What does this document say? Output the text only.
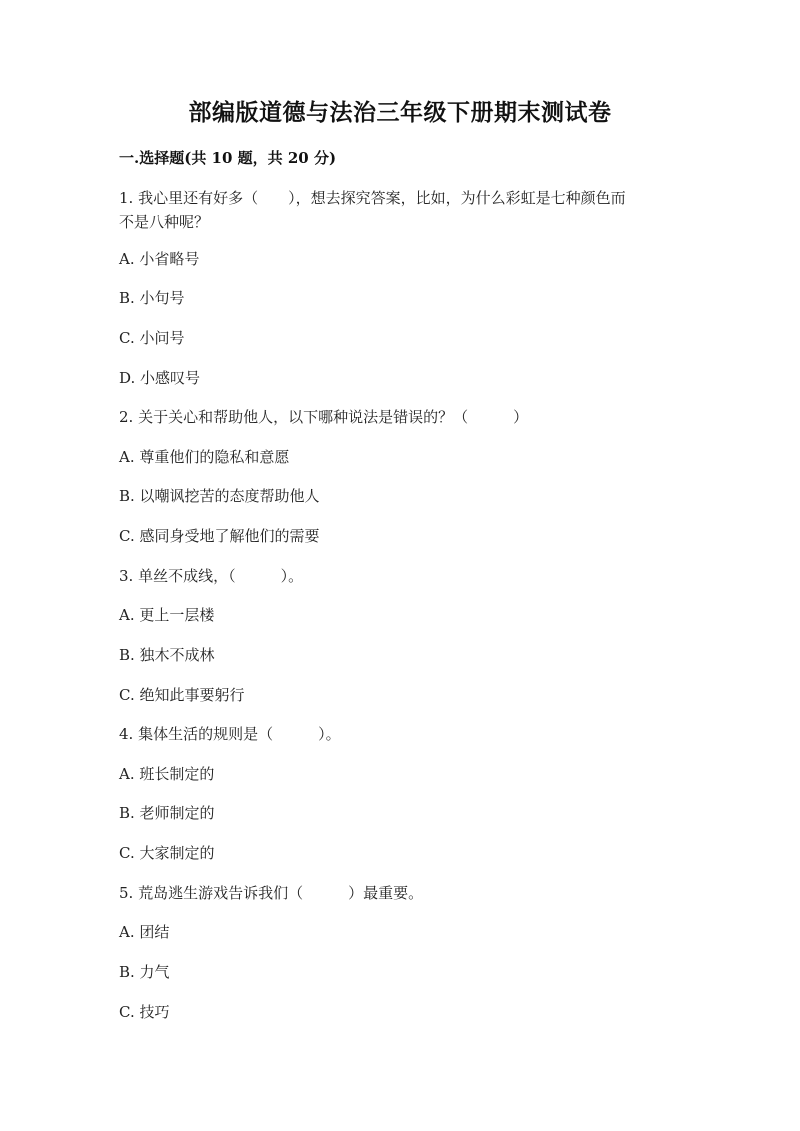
部编版道德与法治三年级下册期末测试卷
一.选择题(共 10 题，共 20 分)
1. 我心里还有好多（　　），想去探究答案，比如，为什么彩虹是七种颜色而
不是八种呢？
A. 小省略号
B. 小句号
C. 小问号
D. 小感叹号
2. 关于关心和帮助他人，以下哪种说法是错误的？（　　　）
A. 尊重他们的隐私和意愿
B. 以嘲讽挖苦的态度帮助他人
C. 感同身受地了解他们的需要
3. 单丝不成线，（　　　）。
A. 更上一层楼
B. 独木不成林
C. 绝知此事要躬行
4. 集体生活的规则是（　　　）。
A. 班长制定的
B. 老师制定的
C. 大家制定的
5. 荒岛逃生游戏告诉我们（　　　）最重要。
A. 团结
B. 力气
C. 技巧
